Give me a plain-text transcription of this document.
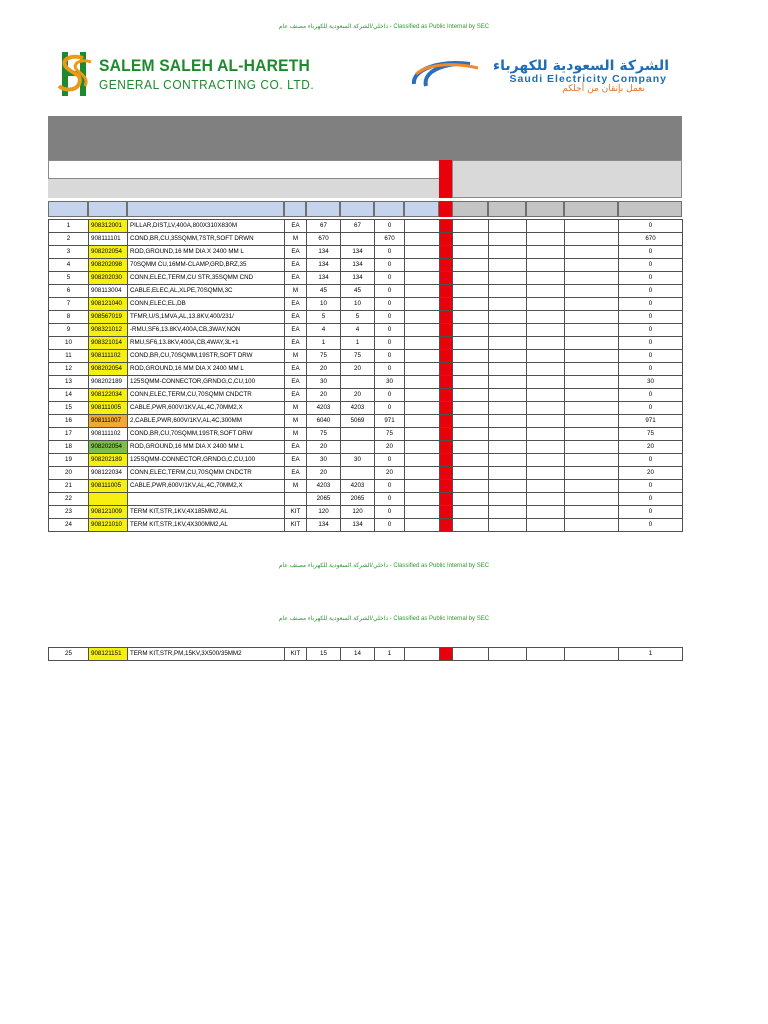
داخلي/الشركة السعودية للكهرباء مصنف عام - Classified as Public Internal by SEC
SALEM SALEH AL-HARETH
GENERAL CONTRACTING CO. LTD.
الشركة السعودية للكهرباء
Saudi Electricity Company
نعمل بإتقان من أجلكم
1	908312001	PILLAR,DIST,LV,400A,800X310X830M	EA	67	67	0							0
2	908111101	COND,BR,CU,35SQMM,7STR,SOFT DRWN	M	670		670							670
3	908202054	ROD,GROUND,16 MM DIA X 2400 MM L	EA	134	134	0							0
4	908202098	70SQMM CU,16MM-CLAMP,GRD,BRZ,35	EA	134	134	0							0
5	908202030	CONN,ELEC,TERM,CU STR,35SQMM CND	EA	134	134	0							0
6	908113004	CABLE,ELEC,AL,XLPE,70SQMM,3C	M	45	45	0							0
7	908121040	CONN,ELEC,EL,DB	EA	10	10	0							0
8	908567019	TFMR,U/S,1MVA,AL,13.8KV,400/231/	EA	5	5	0							0
9	908321012	-RMU,SF6,13.8KV,400A,CB,3WAY,NON	EA	4	4	0							0
10	908321014	RMU,SF6,13.8KV,400A,CB,4WAY,3L+1	EA	1	1	0							0
11	908111102	COND,BR,CU,70SQMM,19STR,SOFT DRW	M	75	75	0							0
12	908202054	ROD,GROUND,16 MM DIA X 2400 MM L	EA	20	20	0							0
13	908202189	125SQMM-CONNECTOR,GRNDG,C,CU,100	EA	30		30							30
14	908122034	CONN,ELEC,TERM,CU,70SQMM CNDCTR	EA	20	20	0							0
15	908111005	CABLE,PWR,600V/1KV,AL,4C,70MM2,X	M	4203	4203	0							0
16	908111007	2,CABLE,PWR,600V/1KV,AL,4C,300MM	M	6040	5069	971							971
17	908111102	COND,BR,CU,70SQMM,19STR,SOFT DRW	M	75		75							75
18	908202054	ROD,GROUND,16 MM DIA X 2400 MM L	EA	20		20							20
19	908202189	125SQMM-CONNECTOR,GRNDG,C,CU,100	EA	30	30	0							0
20	908122034	CONN,ELEC,TERM,CU,70SQMM CNDCTR	EA	20		20							20
21	908111005	CABLE,PWR,600V/1KV,AL,4C,70MM2,X	M	4203	4203	0							0
22				2065	2065	0							0
23	908121009	TERM KIT,STR,1KV,4X185MM2,AL	KIT	120	120	0							0
24	908121010	TERM KIT,STR,1KV,4X300MM2,AL	KIT	134	134	0							0
داخلي/الشركة السعودية للكهرباء مصنف عام - Classified as Public Internal by SEC
داخلي/الشركة السعودية للكهرباء مصنف عام - Classified as Public Internal by SEC
25	908121151	TERM KIT,STR,PM,15KV,3X500/35MM2	KIT	15	14	1							1
